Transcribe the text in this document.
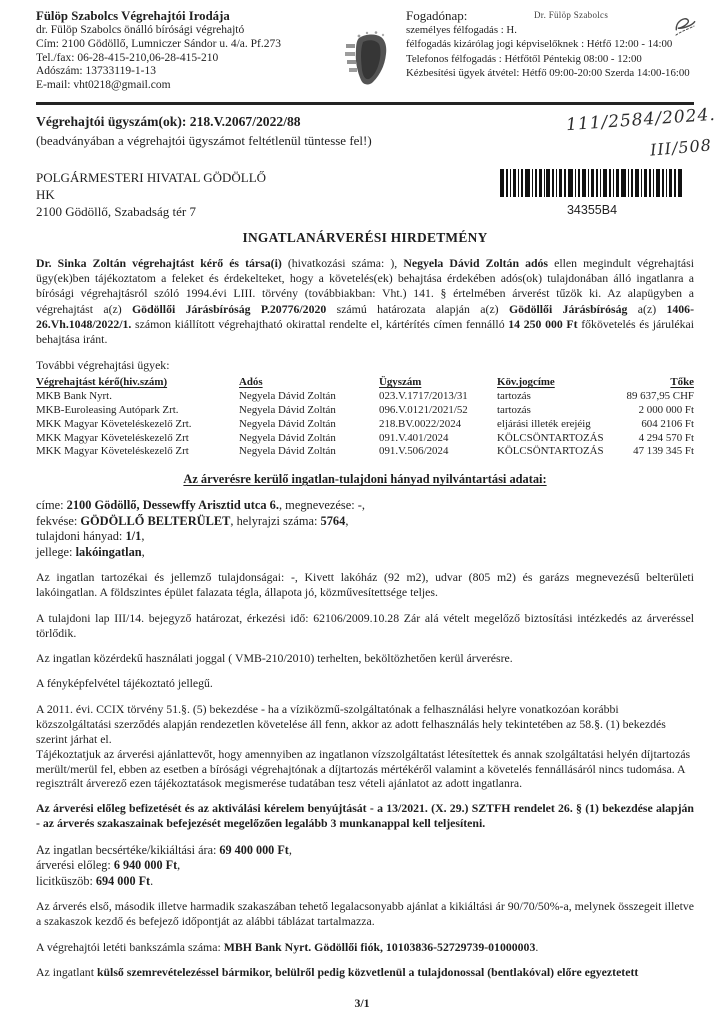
Fülöp Szabolcs Végrehajtói Irodája
dr. Fülöp Szabolcs önálló bírósági végrehajtó
Cím: 2100 Gödöllő, Lumniczer Sándor u. 4/a. Pf.273
Tel./fax: 06-28-415-210,06-28-415-210
Adószám: 13733119-1-13
E-mail: vht0218@gmail.com
Dr. Fülöp Szabolcs
Fogadónap:
személyes félfogadás : H.
félfogadás kizárólag jogi képviselőknek : Hétfő 12:00 - 14:00
Telefonos félfogadás : Hétfőtől Péntekig 08:00 - 12:00
Kézbesítési ügyek átvétel: Hétfő 09:00-20:00 Szerda 14:00-16:00
Végrehajtói ügyszám(ok): 218.V.2067/2022/88
(beadványában a végrehajtói ügyszámot feltétlenül tüntesse fel!)
POLGÁRMESTERI HIVATAL GÖDÖLLŐ
HK
2100 Gödöllő, Szabadság tér 7	34355B4
INGATLANÁRVERÉSI HIRDETMÉNY

Dr. Sinka Zoltán végrehajtást kérő és társa(i) (hivatkozási száma: ), Negyela Dávid Zoltán adós ellen megindult végrehajtási ügy(ek)ben tájékoztatom a feleket és érdekelteket, hogy a követelés(ek) behajtása érdekében adós(ok) tulajdonában álló ingatlanra a bírósági végrehajtásról szóló 1994.évi LIII. törvény (továbbiakban: Vht.) 141. § értelmében árverést tűzök ki. Az alapügyben a végrehajtást a(z) Gödöllői Járásbíróság P.20776/2020 számú határozata alapján a(z) Gödöllői Járásbíróság a(z) 1406-26.Vh.1048/2022/1. számon kiállított végrehajtható okirattal rendelte el, kártérítés címen fennálló 14 250 000 Ft főkövetelés és járulékai behajtása iránt.

További végrehajtási ügyek:
Végrehajtást kérő(hiv.szám)	Adós	Ügyszám	Köv.jogcíme	Tőke
MKB Bank Nyrt.	Negyela Dávid Zoltán	023.V.1717/2013/31	tartozás	89 637,95 CHF
MKB-Euroleasing Autópark Zrt.	Negyela Dávid Zoltán	096.V.0121/2021/52	tartozás	2 000 000 Ft
MKK Magyar Követeléskezelő Zrt.	Negyela Dávid Zoltán	218.BV.0022/2024	eljárási illeték erejéig	604 2106 Ft
MKK Magyar Követeléskezelő Zrt	Negyela Dávid Zoltán	091.V.401/2024	KÖLCSÖNTARTOZÁS	4 294 570 Ft
MKK Magyar Követeléskezelő Zrt	Negyela Dávid Zoltán	091.V.506/2024	KÖLCSÖNTARTOZÁS	47 139 345 Ft
Az árverésre kerülő ingatlan-tulajdoni hányad nyilvántartási adatai:
címe: 2100 Gödöllő, Dessewffy Arisztid utca 6., megnevezése: -,
fekvése: GÖDÖLLŐ BELTERÜLET, helyrajzi száma: 5764,
tulajdoni hányad: 1/1,
jellege: lakóingatlan,

Az ingatlan tartozékai és jellemző tulajdonságai: -, Kivett lakóház (92 m2), udvar (805 m2) és garázs megnevezésű belterületi lakóingatlan. A földszintes épület falazata tégla, állapota jó, közművesítettsége teljes.

A tulajdoni lap III/14. bejegyző határozat, érkezési idő: 62106/2009.10.28 Zár alá vételt megelőző biztosítási intézkedés az árveréssel törlődik.

Az ingatlan közérdekű használati joggal ( VMB-210/2010) terhelten, beköltözhetően kerül árverésre.

A fényképfelvétel tájékoztató jellegű.

A 2011. évi. CCIX törvény 51.§. (5) bekezdése - ha a víziközmű-szolgáltatónak a felhasználási helyre vonatkozóan korábbi közszolgáltatási szerződés alapján rendezetlen követelése áll fenn, akkor az adott felhasználás hely tekintetében az 58.§. (1) bekezdés szerint járhat el.

Tájékoztatjuk az árverési ajánlattevőt, hogy amennyiben az ingatlanon vízszolgáltatást létesítettek és annak szolgáltatási helyén díjtartozás merült/merül fel, ebben az esetben a bírósági végrehajtónak a díjtartozás mértékéről valamint a követelés fennállásáról nincs tudomása. A regisztrált árverező ezen tájékoztatások megismerése tudatában tesz vételi ajánlatot az adott ingatlanra.

Az árverési előleg befizetését és az aktiválási kérelem benyújtását - a 13/2021. (X. 29.) SZTFH rendelet 26. § (1) bekezdése alapján - az árverés szakaszainak befejezését megelőzően legalább 3 munkanappal kell teljesíteni.

Az ingatlan becsértéke/kikiáltási ára: 69 400 000 Ft,
árverési előleg: 6 940 000 Ft,
licitküszöb: 694 000 Ft.

Az árverés első, második illetve harmadik szakaszában tehető legalacsonyabb ajánlat a kikiáltási ár 90/70/50%-a, melynek összegeit illetve a szakaszok kezdő és befejező időpontját az alábbi táblázat tartalmazza.

A végrehajtói letéti bankszámla száma: MBH Bank Nyrt. Gödöllői fiók, 10103836-52729739-01000003.

Az ingatlant külső szemrevételezéssel bármikor, belülről pedig közvetlenül a tulajdonossal (bentlakóval) előre egyeztetett

111/2584/2024.
III/508
3/1
